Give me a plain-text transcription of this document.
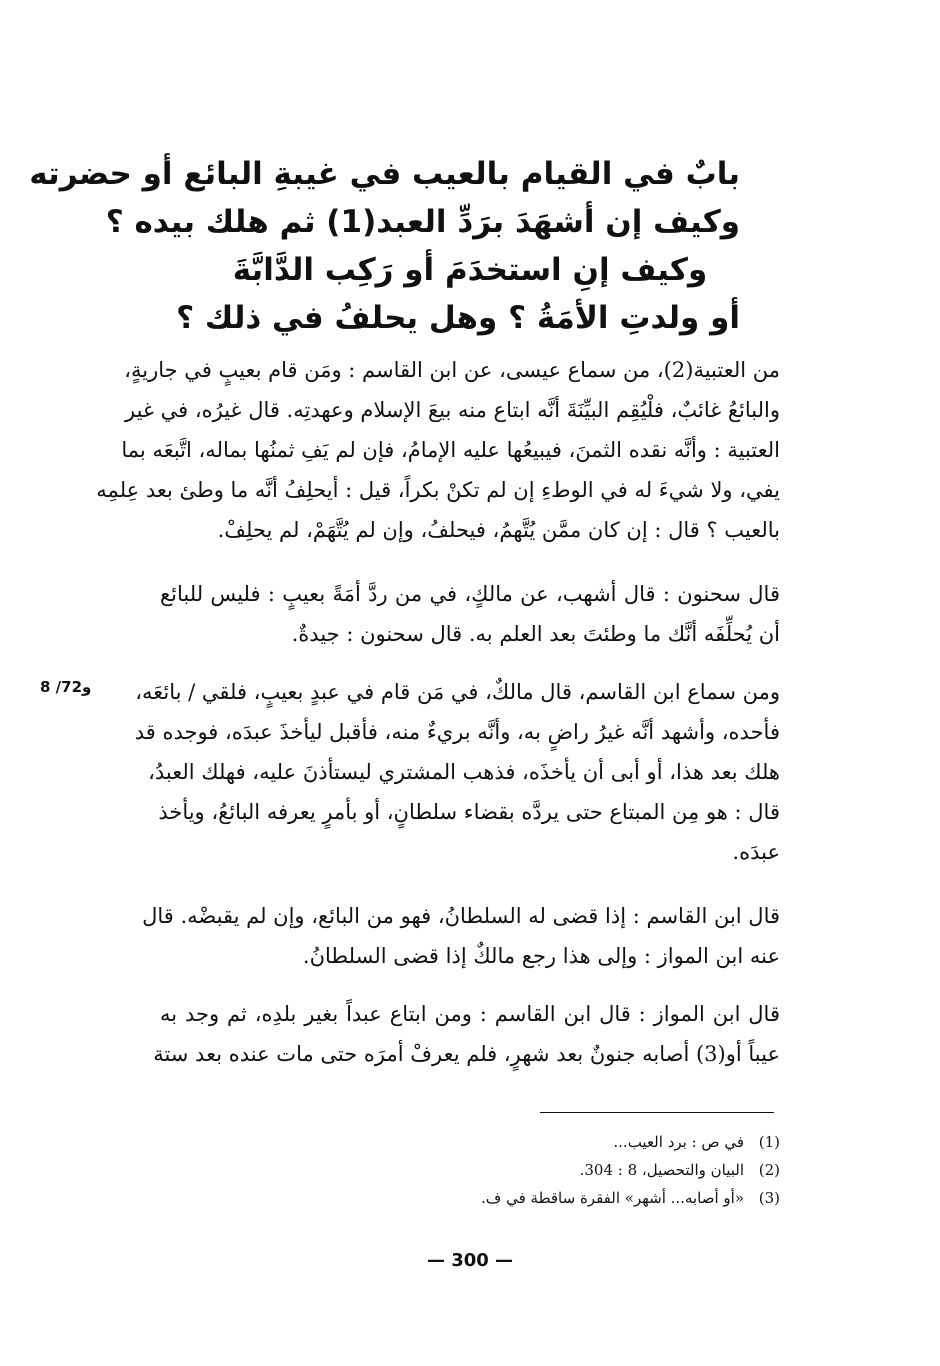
بابٌ في القيام بالعيب في غيبةِ البائع أو حضرته
وكيف إن أشهَدَ برَدِّ العبد(1) ثم هلك بيده ؟
وكيف إنِ استخدَمَ أو رَكِب الدَّابَّةَ
أو ولدتِ الأمَةُ ؟ وهل يحلفُ في ذلك ؟
من العتبية(2)، من سماع عيسى، عن ابن القاسم : ومَن قام بعيبٍ في جاريةٍ،
والبائعُ غائبٌ، فلْيُقِم البيِّنَةَ أنَّه ابتاع منه بيعَ الإسلام وعهدتِه. قال غيرُه، في غير
العتبية : وأنَّه نقده الثمنَ، فيبيعُها عليه الإمامُ، فإن لم يَفِ ثمنُها بماله، اتَّبعَه بما
يفي، ولا شيءَ له في الوطءِ إن لم تكنْ بكراً، قيل : أيحلِفُ أنَّه ما وطئ بعد عِلمِه
بالعيب ؟ قال : إن كان ممَّن يُتَّهمُ، فيحلفُ، وإن لم يُتَّهَمْ، لم يحلِفْ.
قال سحنون : قال أشهب، عن مالكٍ، في من ردَّ أمَةً بعيبٍ : فليس للبائع
أن يُحلِّفَه أنَّك ما وطئتَ بعد العلم به. قال سحنون : جيدةٌ.
ومن سماع ابن القاسم، قال مالكٌ، في مَن قام في عبدٍ بعيبٍ، فلقي / بائعَه،
فأحده، وأشهد أنَّه غيرُ راضٍ به، وأنَّه بريءٌ منه، فأقبل ليأخذَ عبدَه، فوجده قد
هلك بعد هذا، أو أبى أن يأخذَه، فذهب المشتري ليستأذنَ عليه، فهلك العبدُ،
قال : هو مِن المبتاع حتى يردَّه بقضاء سلطانٍ، أو بأمرٍ يعرفه البائعُ، ويأخذ
عبدَه.
قال ابن القاسم : إذا قضى له السلطانُ، فهو من البائع، وإن لم يقبضْه. قال
عنه ابن المواز : وإلى هذا رجع مالكٌ إذا قضى السلطانُ.
قال ابن المواز : قال ابن القاسم : ومن ابتاع عبداً بغير بلدِه، ثم وجد به
عيباً أو(3) أصابه جنونٌ بعد شهرٍ، فلم يعرفْ أمرَه حتى مات عنده بعد ستة
8 /72و
(1)في ص : برد العيب...
(2)البيان والتحصيل، 8 : 304.
(3)«أو أصابه... أشهر» الفقرة ساقطة في ف.
— 300 —
